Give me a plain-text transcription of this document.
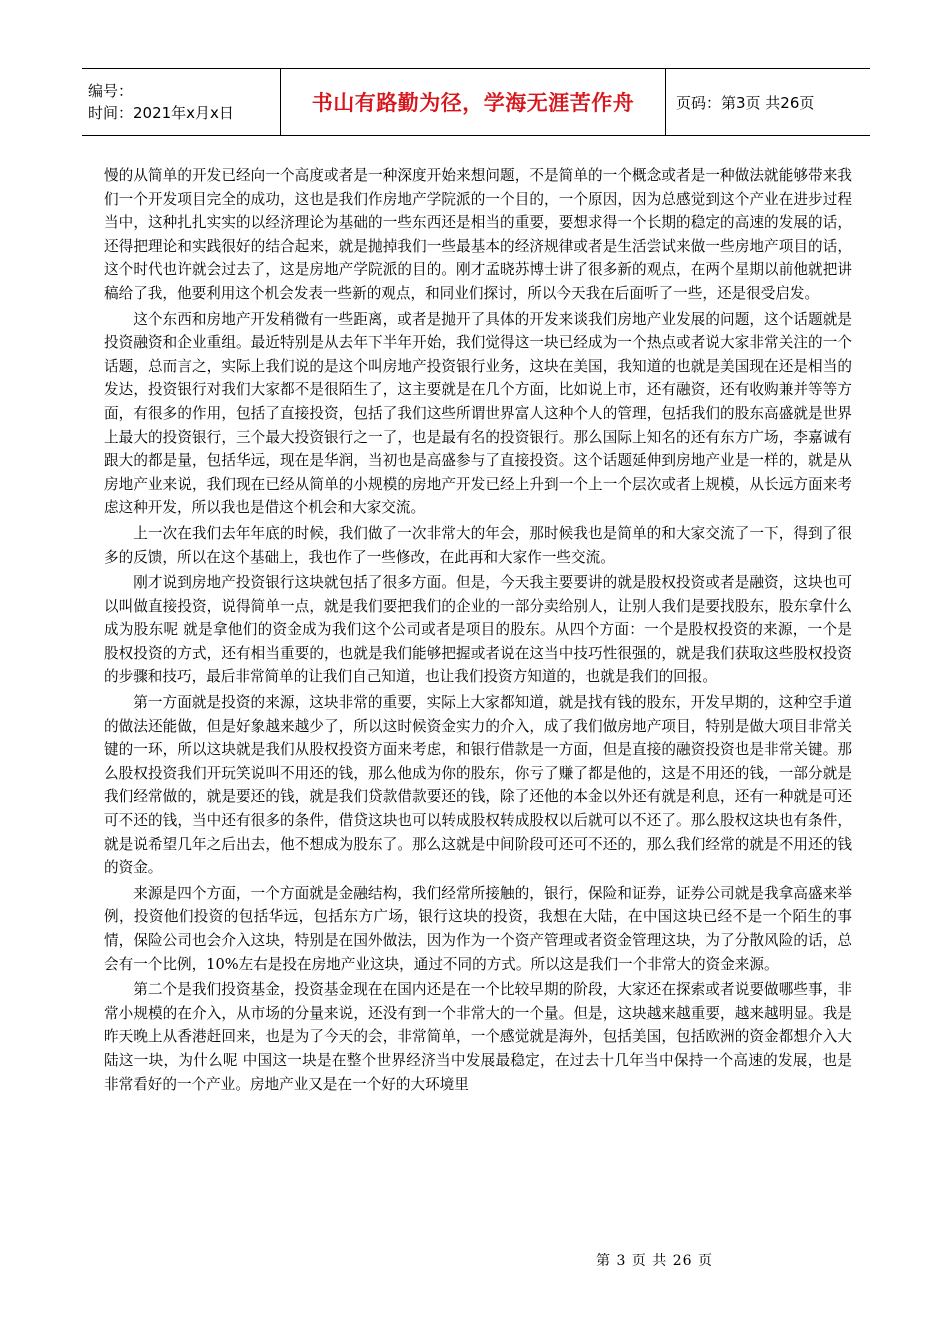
编号：
时间：2021年x月x日	书山有路勤为径，学海无涯苦作舟	页码：第3页 共26页

慢的从简单的开发已经向一个高度或者是一种深度开始来想问题，不是简单的一个概念或者是一种做法就能够带来我们一个开发项目完全的成功，这也是我们作房地产学院派的一个目的，一个原因，因为总感觉到这个产业在进步过程当中，这种扎扎实实的以经济理论为基础的一些东西还是相当的重要，要想求得一个长期的稳定的高速的发展的话，还得把理论和实践很好的结合起来，就是抛掉我们一些最基本的经济规律或者是生活尝试来做一些房地产项目的话，这个时代也许就会过去了，这是房地产学院派的目的。刚才孟晓苏博士讲了很多新的观点，在两个星期以前他就把讲稿给了我，他要利用这个机会发表一些新的观点，和同业们探讨，所以今天我在后面听了一些，还是很受启发。

这个东西和房地产开发稍微有一些距离，或者是抛开了具体的开发来谈我们房地产业发展的问题，这个话题就是投资融资和企业重组。最近特别是从去年下半年开始，我们觉得这一块已经成为一个热点或者说大家非常关注的一个话题，总而言之，实际上我们说的是这个叫房地产投资银行业务，这块在美国，我知道的也就是美国现在还是相当的发达，投资银行对我们大家都不是很陌生了，这主要就是在几个方面，比如说上市，还有融资，还有收购兼并等等方面，有很多的作用，包括了直接投资，包括了我们这些所谓世界富人这种个人的管理，包括我们的股东高盛就是世界上最大的投资银行，三个最大投资银行之一了，也是最有名的投资银行。那么国际上知名的还有东方广场，李嘉诚有跟大的都是量，包括华远，现在是华润，当初也是高盛参与了直接投资。这个话题延伸到房地产业是一样的，就是从房地产业来说，我们现在已经从简单的小规模的房地产开发已经上升到一个上一个层次或者上规模，从长远方面来考虑这种开发，所以我也是借这个机会和大家交流。

上一次在我们去年年底的时候，我们做了一次非常大的年会，那时候我也是简单的和大家交流了一下，得到了很多的反馈，所以在这个基础上，我也作了一些修改，在此再和大家作一些交流。

刚才说到房地产投资银行这块就包括了很多方面。但是，今天我主要要讲的就是股权投资或者是融资，这块也可以叫做直接投资，说得简单一点，就是我们要把我们的企业的一部分卖给别人，让别人我们是要找股东，股东拿什么成为股东呢 就是拿他们的资金成为我们这个公司或者是项目的股东。从四个方面：一个是股权投资的来源，一个是股权投资的方式，还有相当重要的，也就是我们能够把握或者说在这当中技巧性很强的，就是我们获取这些股权投资的步骤和技巧，最后非常简单的让我们自己知道，也让我们投资方知道的，也就是我们的回报。

第一方面就是投资的来源，这块非常的重要，实际上大家都知道，就是找有钱的股东，开发早期的，这种空手道的做法还能做，但是好象越来越少了，所以这时候资金实力的介入，成了我们做房地产项目，特别是做大项目非常关键的一环，所以这块就是我们从股权投资方面来考虑，和银行借款是一方面，但是直接的融资投资也是非常关键。那么股权投资我们开玩笑说叫不用还的钱，那么他成为你的股东，你亏了赚了都是他的，这是不用还的钱，一部分就是我们经常做的，就是要还的钱，就是我们贷款借款要还的钱，除了还他的本金以外还有就是利息，还有一种就是可还可不还的钱，当中还有很多的条件，借贷这块也可以转成股权转成股权以后就可以不还了。那么股权这块也有条件，就是说希望几年之后出去，他不想成为股东了。那么这就是中间阶段可还可不还的，那么我们经常的就是不用还的钱的资金。

来源是四个方面，一个方面就是金融结构，我们经常所接触的，银行，保险和证券，证券公司就是我拿高盛来举例，投资他们投资的包括华远，包括东方广场，银行这块的投资，我想在大陆，在中国这块已经不是一个陌生的事情，保险公司也会介入这块，特别是在国外做法，因为作为一个资产管理或者资金管理这块，为了分散风险的话，总会有一个比例，10%左右是投在房地产业这块，通过不同的方式。所以这是我们一个非常大的资金来源。

第二个是我们投资基金，投资基金现在在国内还是在一个比较早期的阶段，大家还在探索或者说要做哪些事，非常小规模的在介入，从市场的分量来说，还没有到一个非常大的一个量。但是，这块越来越重要，越来越明显。我是昨天晚上从香港赶回来，也是为了今天的会，非常简单，一个感觉就是海外，包括美国，包括欧洲的资金都想介入大陆这一块，为什么呢 中国这一块是在整个世界经济当中发展最稳定，在过去十几年当中保持一个高速的发展，也是非常看好的一个产业。房地产业又是在一个好的大环境里

第 3 页 共 26 页
